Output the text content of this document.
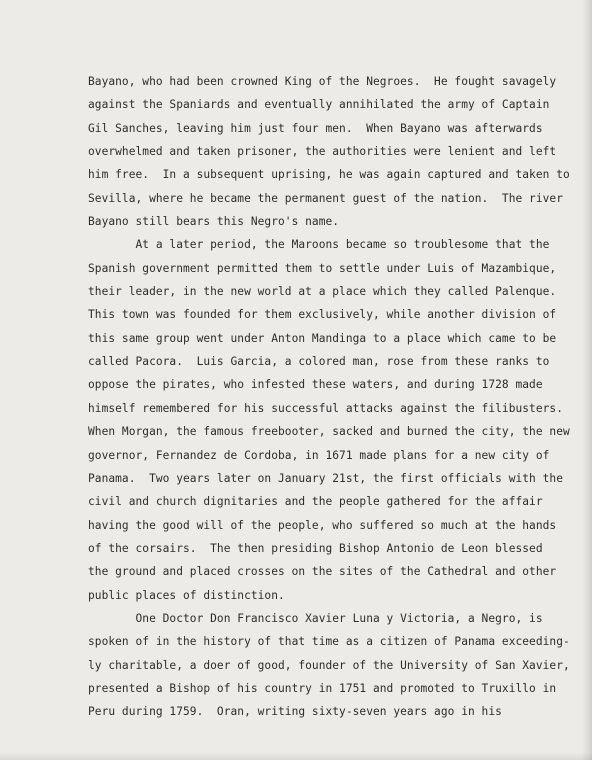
Bayano, who had been crowned King of the Negroes.  He fought savagely
against the Spaniards and eventually annihilated the army of Captain
Gil Sanches, leaving him just four men.  When Bayano was afterwards
overwhelmed and taken prisoner, the authorities were lenient and left
him free.  In a subsequent uprising, he was again captured and taken to
Sevilla, where he became the permanent guest of the nation.  The river
Bayano still bears this Negro's name.
At a later period, the Maroons became so troublesome that the
Spanish government permitted them to settle under Luis of Mazambique,
their leader, in the new world at a place which they called Palenque.
This town was founded for them exclusively, while another division of
this same group went under Anton Mandinga to a place which came to be
called Pacora.  Luis Garcia, a colored man, rose from these ranks to
oppose the pirates, who infested these waters, and during 1728 made
himself remembered for his successful attacks against the filibusters.
When Morgan, the famous freebooter, sacked and burned the city, the new
governor, Fernandez de Cordoba, in 1671 made plans for a new city of
Panama.  Two years later on January 21st, the first officials with the
civil and church dignitaries and the people gathered for the affair
having the good will of the people, who suffered so much at the hands
of the corsairs.  The then presiding Bishop Antonio de Leon blessed
the ground and placed crosses on the sites of the Cathedral and other
public places of distinction.
One Doctor Don Francisco Xavier Luna y Victoria, a Negro, is
spoken of in the history of that time as a citizen of Panama exceeding-
ly charitable, a doer of good, founder of the University of San Xavier,
presented a Bishop of his country in 1751 and promoted to Truxillo in
Peru during 1759.  Oran, writing sixty-seven years ago in his
